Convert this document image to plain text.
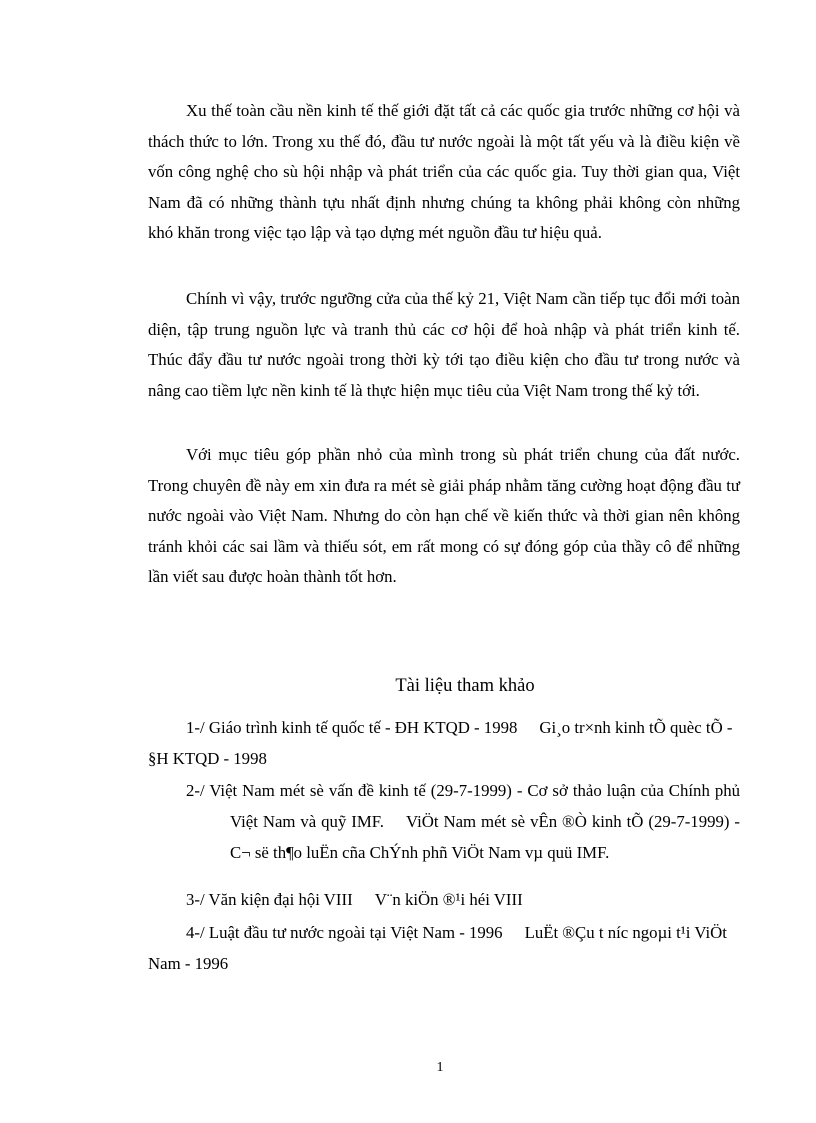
Xu thế toàn cầu nền kinh tế thế giới đặt tất cả các quốc gia trước những cơ hội và thách thức to lớn. Trong xu thế đó, đầu tư nước ngoài là một tất yếu và là điều kiện về vốn công nghệ cho sù hội nhập và phát triển của các quốc gia. Tuy thời gian qua, Việt Nam đã có những thành tựu nhất định nhưng chúng ta không phải không còn những khó khăn trong việc tạo lập và tạo dựng mét nguồn đầu tư hiệu quả.

Chính vì vậy, trước ngưỡng cửa của thế kỷ 21, Việt Nam cần tiếp tục đổi mới toàn diện, tập trung nguồn lực và tranh thủ các cơ hội để hoà nhập và phát triển kinh tế. Thúc đẩy đầu tư nước ngoài trong thời kỳ tới tạo điều kiện cho đầu tư trong nước và nâng cao tiềm lực nền kinh tế là thực hiện mục tiêu của Việt Nam trong thế kỷ tới.

Với mục tiêu góp phần nhỏ của mình trong sù phát triển chung của đất nước. Trong chuyên đề này em xin đưa ra mét sè giải pháp nhằm tăng cường hoạt động đầu tư nước ngoài vào Việt Nam. Nhưng do còn hạn chế về kiến thức và thời gian nên không tránh khỏi các sai lầm và thiếu sót, em rất mong có sự đóng góp của thầy cô để những lần viết sau được hoàn thành tốt hơn.

Tài liệu tham khảo

1-/ Giáo trình kinh tế quốc tế - ĐH KTQD - 1998 Gi¸o tr×nh kinh tÕ quèc tÕ - §H KTQD - 1998

2-/ Việt Nam mét sè vấn đề kinh tế (29-7-1999) - Cơ sở thảo luận của Chính phủ Việt Nam và quỹ IMF. ViÖt Nam mét sè vÊn ®Ò kinh tÕ (29-7-1999) - C¬ së th¶o luËn cña ChÝnh phñ ViÖt Nam vµ quü IMF.

3-/ Văn kiện đại hội VIII V¨n kiÖn ®¹i héi VIII

4-/ Luật đầu tư nước ngoài tại Việt Nam - 1996 LuËt ®Çu t níc ngoµi t¹i ViÖt Nam - 1996

1
